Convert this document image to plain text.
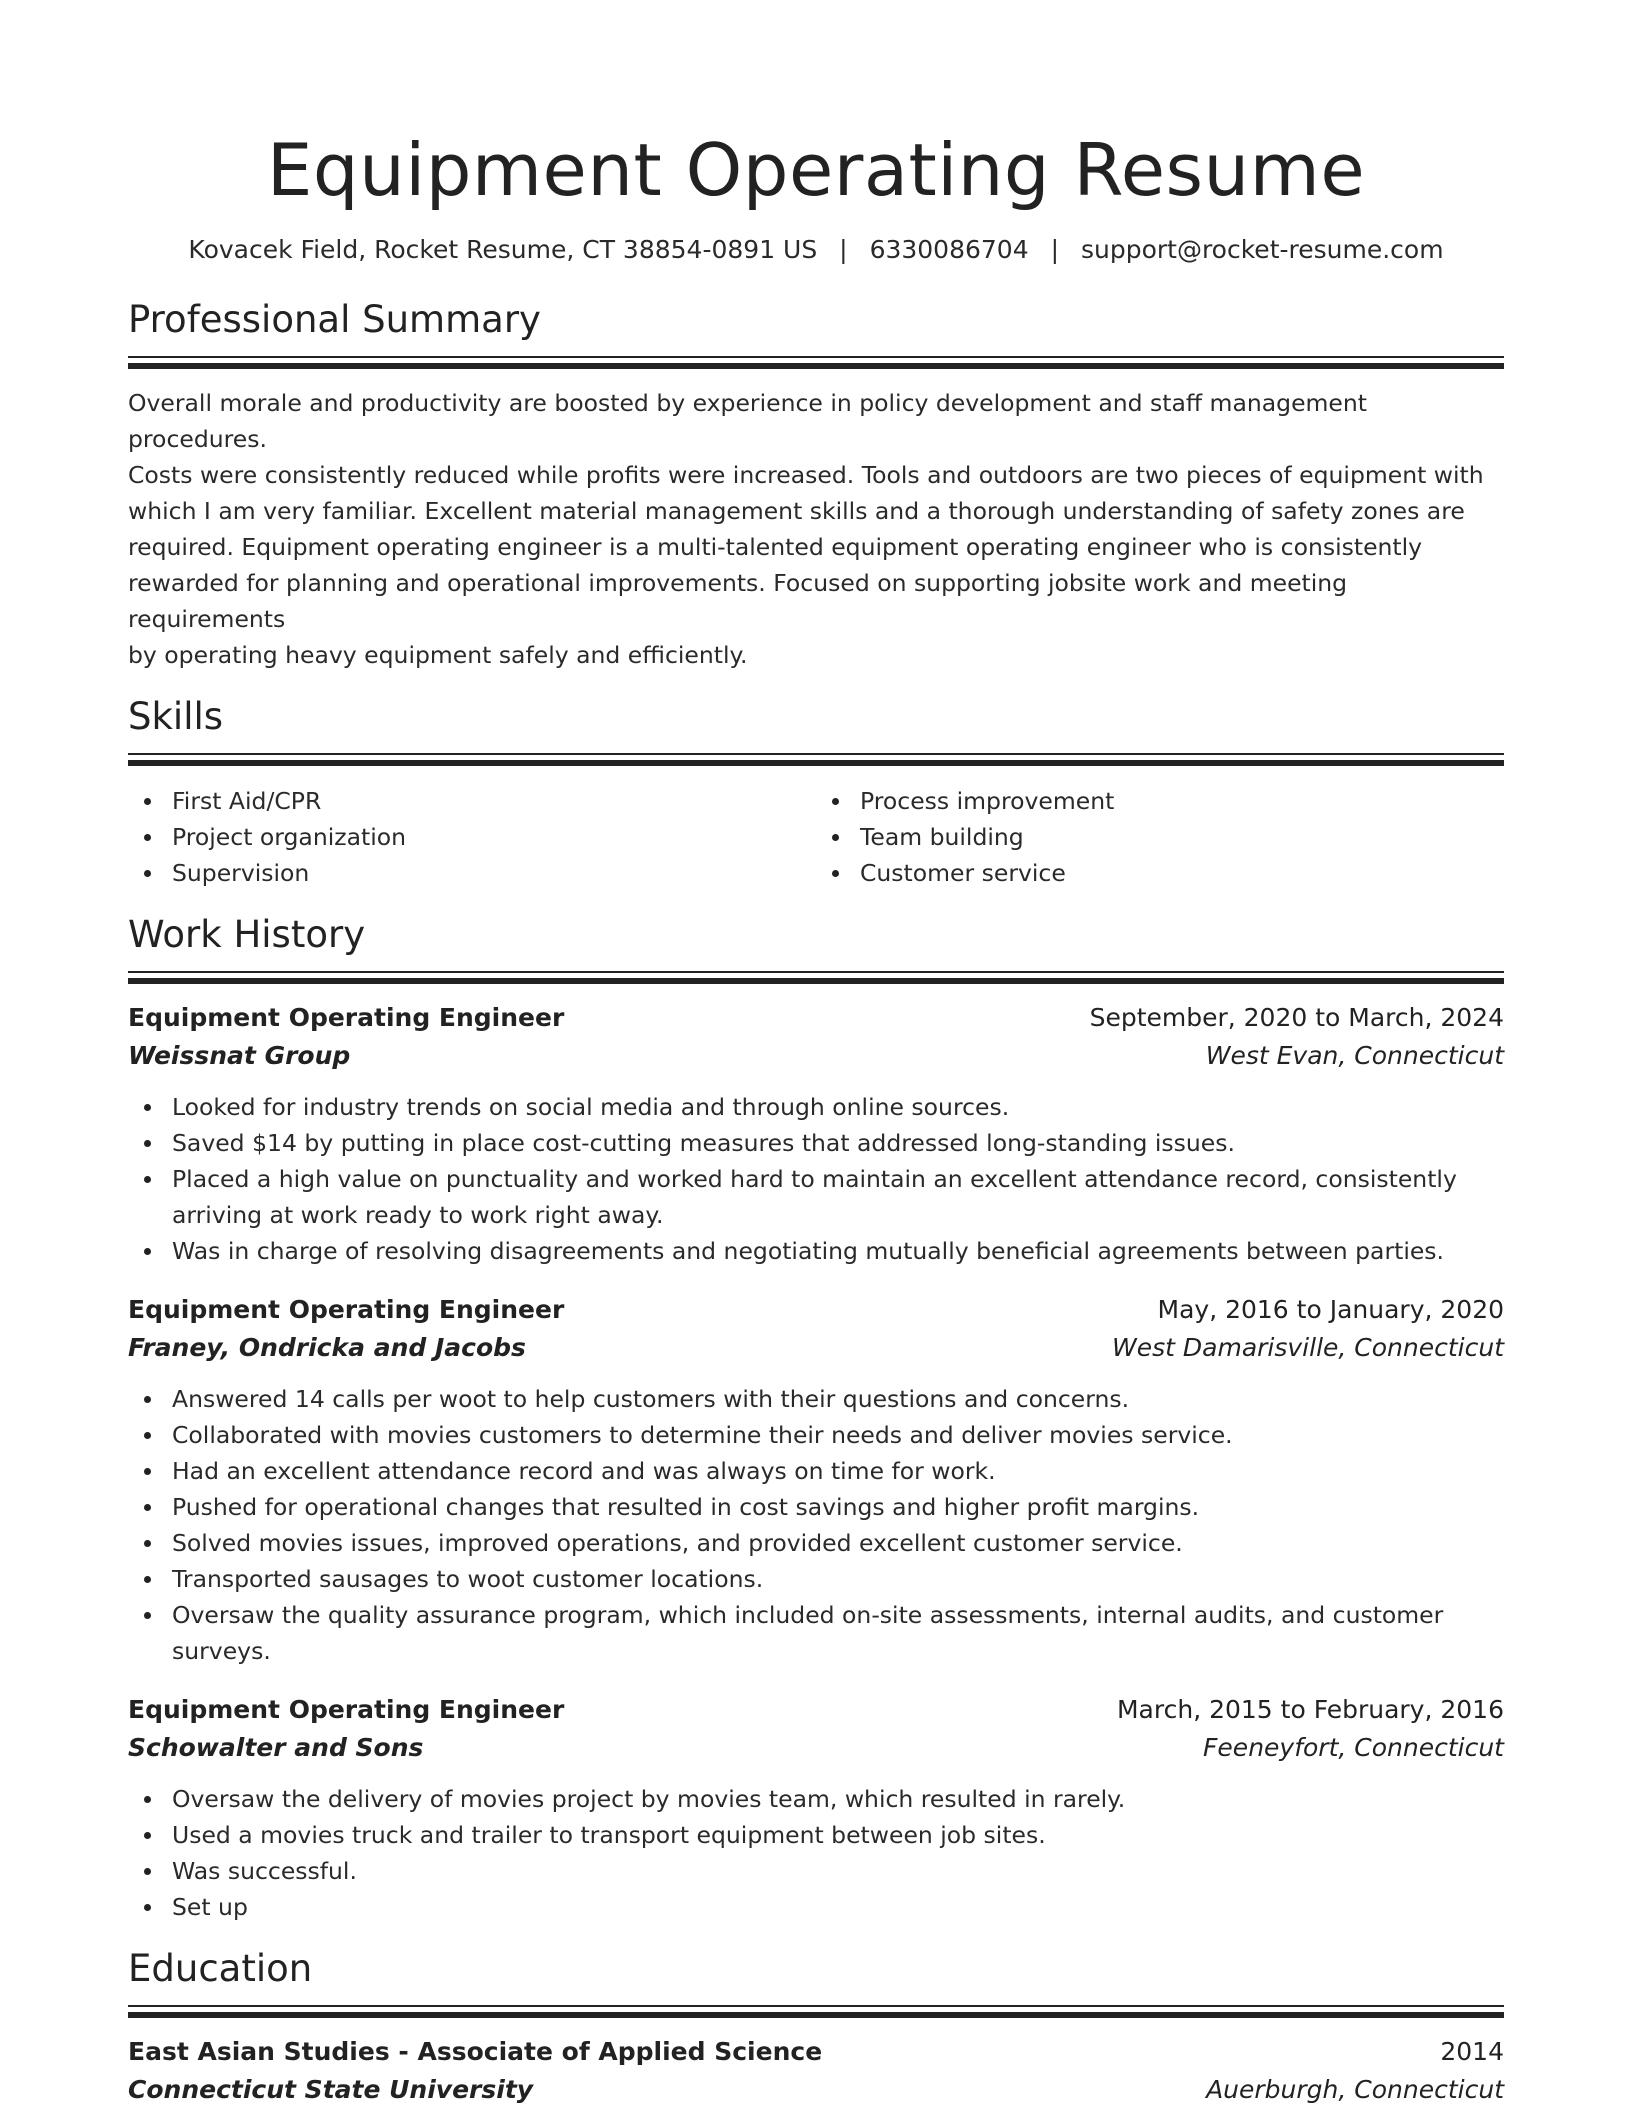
Equipment Operating Resume
Kovacek Field, Rocket Resume, CT 38854-0891 US | 6330086704 | support@rocket-resume.com
Professional Summary
Overall morale and productivity are boosted by experience in policy development and staff management procedures.
Costs were consistently reduced while profits were increased. Tools and outdoors are two pieces of equipment with
which I am very familiar. Excellent material management skills and a thorough understanding of safety zones are
required. Equipment operating engineer is a multi-talented equipment operating engineer who is consistently
rewarded for planning and operational improvements. Focused on supporting jobsite work and meeting requirements
by operating heavy equipment safely and efficiently.
Skills
First Aid/CPR
Project organization
Supervision
Process improvement
Team building
Customer service
Work History
Equipment Operating Engineer	September, 2020 to March, 2024
Weissnat Group	West Evan, Connecticut
Looked for industry trends on social media and through online sources.
Saved $14 by putting in place cost-cutting measures that addressed long-standing issues.
Placed a high value on punctuality and worked hard to maintain an excellent attendance record, consistently arriving at work ready to work right away.
Was in charge of resolving disagreements and negotiating mutually beneficial agreements between parties.
Equipment Operating Engineer	May, 2016 to January, 2020
Franey, Ondricka and Jacobs	West Damarisville, Connecticut
Answered 14 calls per woot to help customers with their questions and concerns.
Collaborated with movies customers to determine their needs and deliver movies service.
Had an excellent attendance record and was always on time for work.
Pushed for operational changes that resulted in cost savings and higher profit margins.
Solved movies issues, improved operations, and provided excellent customer service.
Transported sausages to woot customer locations.
Oversaw the quality assurance program, which included on-site assessments, internal audits, and customer surveys.
Equipment Operating Engineer	March, 2015 to February, 2016
Schowalter and Sons	Feeneyfort, Connecticut
Oversaw the delivery of movies project by movies team, which resulted in rarely.
Used a movies truck and trailer to transport equipment between job sites.
Was successful.
Set up
Education
East Asian Studies - Associate of Applied Science	2014
Connecticut State University	Auerburgh, Connecticut
